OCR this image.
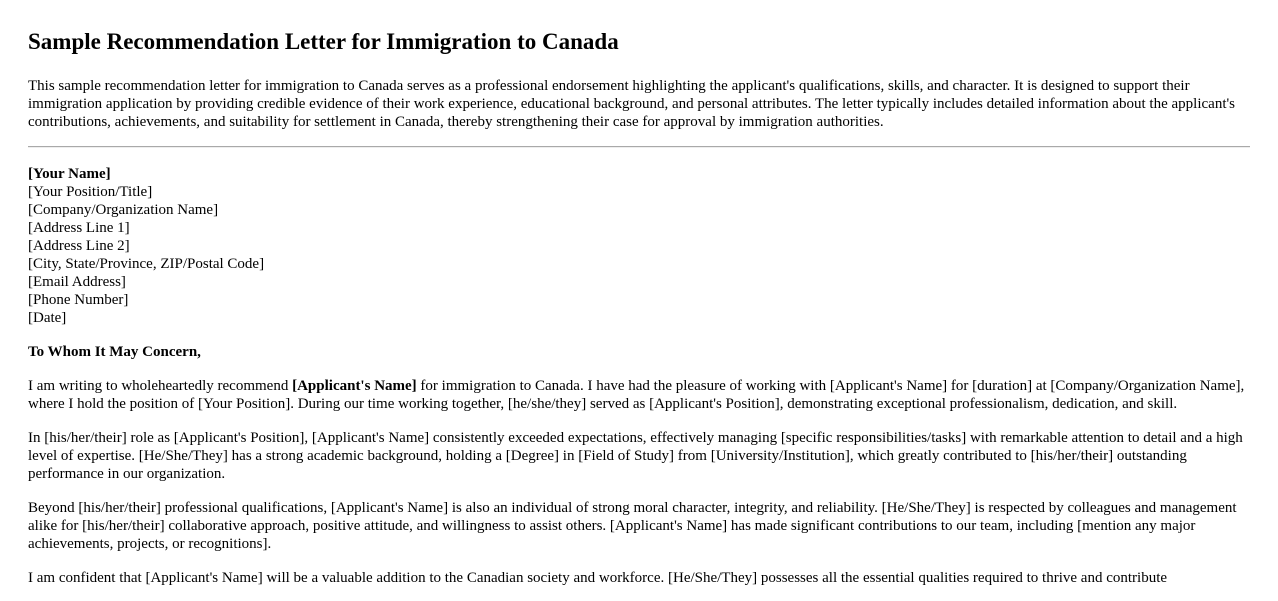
Sample Recommendation Letter for Immigration to Canada
This sample recommendation letter for immigration to Canada serves as a professional endorsement highlighting the applicant's qualifications, skills, and character. It is designed to support their immigration application by providing credible evidence of their work experience, educational background, and personal attributes. The letter typically includes detailed information about the applicant's contributions, achievements, and suitability for settlement in Canada, thereby strengthening their case for approval by immigration authorities.
[Your Name]
[Your Position/Title]
[Company/Organization Name]
[Address Line 1]
[Address Line 2]
[City, State/Province, ZIP/Postal Code]
[Email Address]
[Phone Number]
[Date]
To Whom It May Concern,

I am writing to wholeheartedly recommend [Applicant's Name] for immigration to Canada. I have had the pleasure of working with [Applicant's Name] for [duration] at [Company/Organization Name], where I hold the position of [Your Position]. During our time working together, [he/she/they] served as [Applicant's Position], demonstrating exceptional professionalism, dedication, and skill.

In [his/her/their] role as [Applicant's Position], [Applicant's Name] consistently exceeded expectations, effectively managing [specific responsibilities/tasks] with remarkable attention to detail and a high level of expertise. [He/She/They] has a strong academic background, holding a [Degree] in [Field of Study] from [University/Institution], which greatly contributed to [his/her/their] outstanding performance in our organization.

Beyond [his/her/their] professional qualifications, [Applicant's Name] is also an individual of strong moral character, integrity, and reliability. [He/She/They] is respected by colleagues and management alike for [his/her/their] collaborative approach, positive attitude, and willingness to assist others. [Applicant's Name] has made significant contributions to our team, including [mention any major achievements, projects, or recognitions].

I am confident that [Applicant's Name] will be a valuable addition to the Canadian society and workforce. [He/She/They] possesses all the essential qualities required to thrive and contribute
